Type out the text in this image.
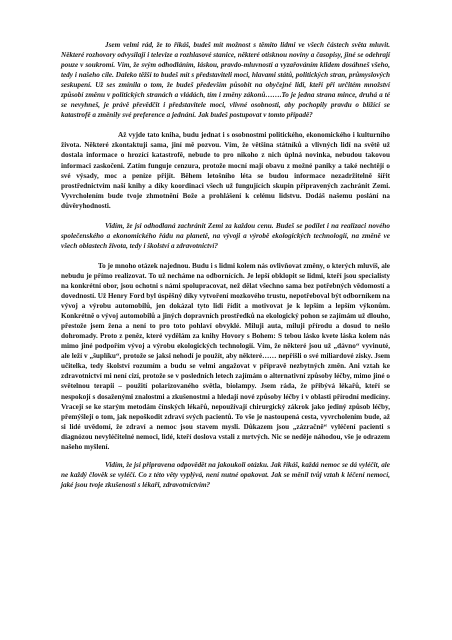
Jsem velmi rád, že to říkáš, budeš mít možnost s těmito lidmi ve všech částech světa mluvit. Některé rozhovory odvysílají i televize a rozhlasové stanice, některé otisknou noviny a časopisy, jiné se odehrají pouze v soukromí. Vím, že svým odhodláním, láskou, pravdo-mluvností a vyzařováním klidem dosáhneš všeho, tedy i našeho cíle. Daleko těžší to budeš mít s představiteli moci, hlavami států, politických stran, průmyslových seskupení. Už ses zmínila o tom, že budeš především působit na obyčejné lidi, kteří při určitém množství způsobí změnu v politických stranách a vládách, tím i změny zákonů…….To je jedna strana mince, druhá a té se nevyhneš, je právě převědčit i představitele moci, vlivné osobnosti, aby pochopily pravdu o blížící se katastrofě a změnily své preference a jednání. Jak budeš postupovat v tomto případě?

Až vyjde tato kniha, budu jednat i s osobnostmi politického, ekonomického i kulturního života. Některé zkontaktuji sama, jiní mě pozvou. Vím, že většina státníků a vlivných lidí na světě už dostala informace o hrozící katastrofě, nebude to pro nikoho z nich úplná novinka, nebudou takovou informaci zaskočeni. Zatím funguje cenzura, protože mocní mají obavu z možné paniky a také nechtějí o své výsady, moc a peníze přijít. Během letošního léta se budou informace nezadržitelně šířit prostřednictvím naší knihy a díky koordinaci všech už fungujících skupin připravených zachránit Zemi. Vyvrcholením bude tvoje zhmotnění Bože a prohlášení k celému lidstvu. Dodáš našemu poslání na důvěryhodnosti.

Vidím, že jsi odhodlaná zachránit Zemi za každou cenu. Budeš se podílet i na realizaci nového společenského a ekonomického řádu na planetě, na vývoji a výrobě ekologických technologií, na změně ve všech oblastech života, tedy i školství a zdravotnictví?

To je mnoho otázek najednou. Budu i s lidmi kolem nás ovlivňovat změny, o kterých mluvíš, ale nebudu je přímo realizovat. To už necháme na odbornících. Je lepší obklopit se lidmi, kteří jsou specialisty na konkrétní obor, jsou ochotni s námi spolupracovat, než dělat všechno sama bez potřebných vědomostí a dovedností. Už Henry Ford byl úspěšný díky vytvoření mozkového trustu, nepotřeboval být odborníkem na vývoj a výrobu automobilů, jen dokázal tyto lidi řídit a motivovat je k lepším a lepším výkonům. Konkrétně o vývoj automobilů a jiných dopravních prostředků na ekologický pohon se zajímám už dlouho, přestože jsem žena a není to pro toto pohlaví obvyklé. Miluji auta, miluji přírodu a dosud to nešlo dohromady. Proto z peněz, které vydělám za knihy Hovory s Bohem: S tebou lásko kvete láska kolem nás mimo jiné podpořím vývoj a výrobu ekologických technologií. Vím, že některé jsou už „dávno“ vyvinuté, ale leží v „šuplíku“, protože se jaksi nehodí je použít, aby některé…… nepřišli o své miliardové zisky. Jsem učitelka, tedy školství rozumím a budu se velmi angažovat v přípravě nezbytných změn. Ani vztah ke zdravotnictví mi není cizí, protože se v posledních letech zajímám o alternativní způsoby léčby, mimo jiné o světelnou terapii – použití polarizovaného světla, biolampy. Jsem ráda, že přibývá lékařů, kteří se nespokojí s dosaženými znalostmi a zkušenostmi a hledají nové způsoby léčby i v oblasti přírodní medicíny. Vracejí se ke starým metodám čínských lékařů, nepoužívají chirurgický zákrok jako jediný způsob léčby, přemýšlejí o tom, jak nepoškodit zdraví svých pacientů. To vše je nastoupená cesta, vyvrcholením bude, až si lidé uvědomí, že zdraví a nemoc jsou stavem mysli. Důkazem jsou „zázračně“ vyléčení pacienti s diagnózou nevyléčitelné nemoci, lidé, kteří doslova vstali z mrtvých. Nic se neděje náhodou, vše je odrazem našeho myšlení.

Vidím, že jsi připravena odpovědět na jakoukoli otázku. Jak říkáš, každá nemoc se dá vyléčit, ale ne každý člověk se vyléčí. Co z této věty vyplývá, není nutné opakovat. Jak se měnil tvůj vztah k léčení nemocí, jaké jsou tvoje zkušenosti s lékaři, zdravotnictvím?
